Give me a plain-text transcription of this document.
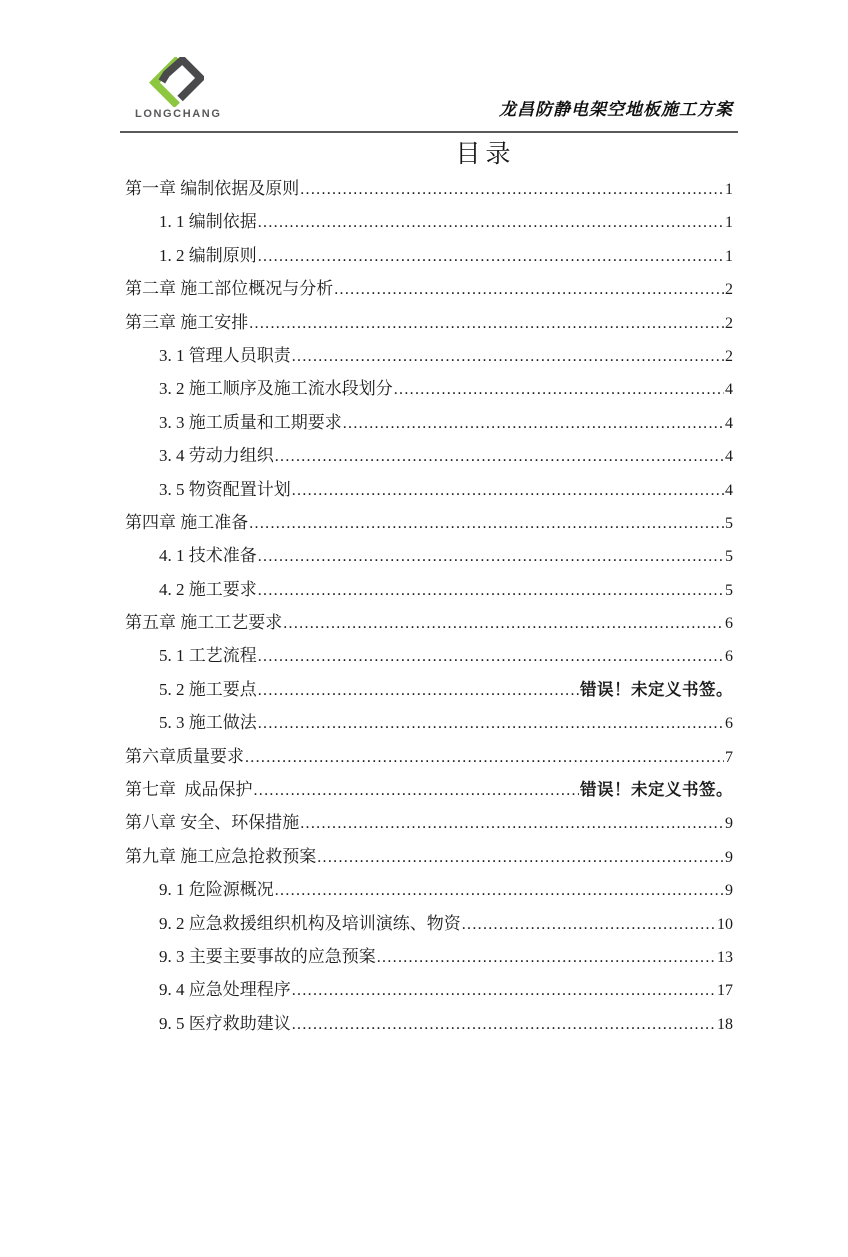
LONGCHANG	龙昌防静电架空地板施工方案
目录
第一章 编制依据及原则 .....	1
1. 1 编制依据 .....	1
1. 2 编制原则 .....	1
第二章 施工部位概况与分析 .....	2
第三章 施工安排 .....	2
3. 1 管理人员职责 .....	2
3. 2 施工顺序及施工流水段划分 .....	4
3. 3 施工质量和工期要求 .....	4
3. 4 劳动力组织 .....	4
3. 5 物资配置计划 .....	4
第四章 施工准备 .....	5
4. 1 技术准备 .....	5
4. 2 施工要求 .....	5
第五章 施工工艺要求 .....	6
5. 1 工艺流程 .....	6
5. 2 施工要点 .....	错误！未定义书签。
5. 3 施工做法 .....	6
第六章质量要求 .....	7
第七章  成品保护 .....	错误！未定义书签。
第八章 安全、环保措施 .....	9
第九章 施工应急抢救预案 .....	9
9. 1 危险源概况 .....	9
9. 2 应急救援组织机构及培训演练、物资 .....	10
9. 3 主要主要事故的应急预案 .....	13
9. 4 应急处理程序 .....	17
9. 5 医疗救助建议 .....	18
